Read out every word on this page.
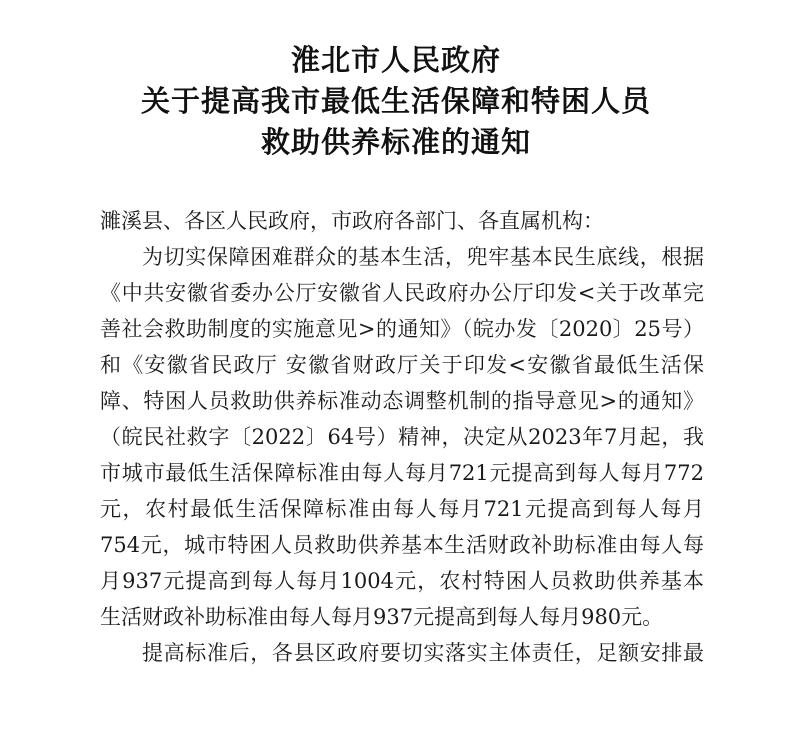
淮北市人民政府
关于提高我市最低生活保障和特困人员
救助供养标准的通知
濉溪县、各区人民政府，市政府各部门、各直属机构：
为切实保障困难群众的基本生活，兜牢基本民生底线，根据
《中共安徽省委办公厅安徽省人民政府办公厅印发<关于改革完
善社会救助制度的实施意见>的通知》（皖办发〔2020〕25号）
和《安徽省民政厅 安徽省财政厅关于印发<安徽省最低生活保
障、特困人员救助供养标准动态调整机制的指导意见>的通知》
（皖民社救字〔2022〕64号）精神，决定从2023年7月起，我
市城市最低生活保障标准由每人每月721元提高到每人每月772
元，农村最低生活保障标准由每人每月721元提高到每人每月
754元，城市特困人员救助供养基本生活财政补助标准由每人每
月937元提高到每人每月1004元，农村特困人员救助供养基本
生活财政补助标准由每人每月937元提高到每人每月980元。
提高标准后，各县区政府要切实落实主体责任，足额安排最
